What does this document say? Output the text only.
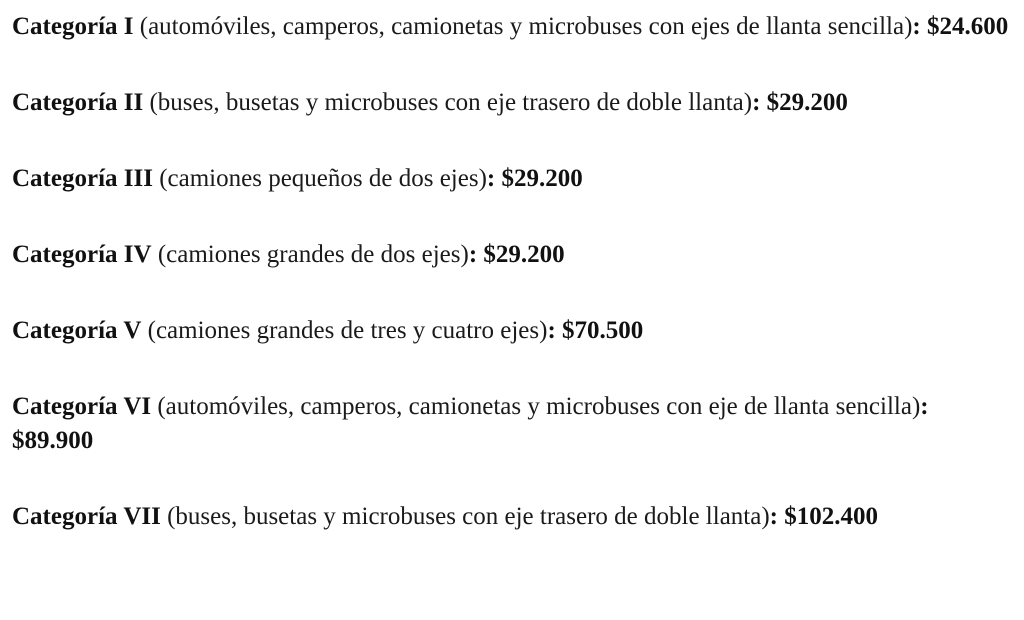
Categoría I (automóviles, camperos, camionetas y microbuses con ejes de llanta sencilla): $24.600

Categoría II (buses, busetas y microbuses con eje trasero de doble llanta): $29.200

Categoría III (camiones pequeños de dos ejes): $29.200

Categoría IV (camiones grandes de dos ejes): $29.200

Categoría V (camiones grandes de tres y cuatro ejes): $70.500

Categoría VI (automóviles, camperos, camionetas y microbuses con eje de llanta sencilla): $89.900

Categoría VII (buses, busetas y microbuses con eje trasero de doble llanta): $102.400
